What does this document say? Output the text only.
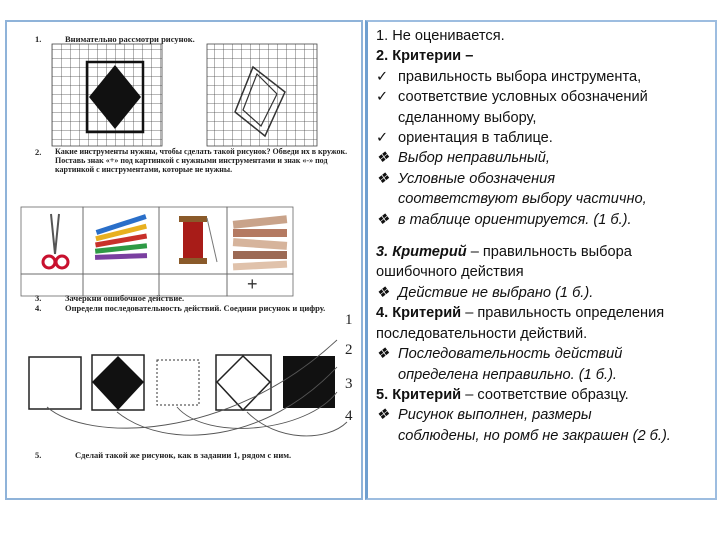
1.	Внимательно рассмотри рисунок.
2. Какие инструменты нужны, чтобы сделать такой рисунок? Обведи их в кружок. Поставь знак «+» под картинкой с нужными инструментами и знак «-» под картинкой с инструментами, которые не нужны.
+
3.	Зачеркни ошибочное действие.
4.	Определи последовательность действий. Соедини рисунок и цифру.
1
2
3
4
5.	Сделай такой же рисунок, как в задании 1, рядом с ним.
1. Не оценивается.
2. Критерии –
✓ правильность выбора инструмента,
✓ соответствие условных обозначений
сделанному выбору,
✓ ориентация в таблице.
❖ Выбор неправильный,
❖ Условные обозначения
соответствуют выбору частично,
❖ в таблице ориентируется. (1 б.).
3. Критерий – правильность выбора
ошибочного действия
❖ Действие не выбрано (1 б.).
4. Критерий – правильность определения
последовательности действий.
❖ Последовательность действий
определена неправильно. (1 б.).
5. Критерий – соответствие образцу.
❖ Рисунок выполнен, размеры
соблюдены, но ромб не закрашен (2 б.).
